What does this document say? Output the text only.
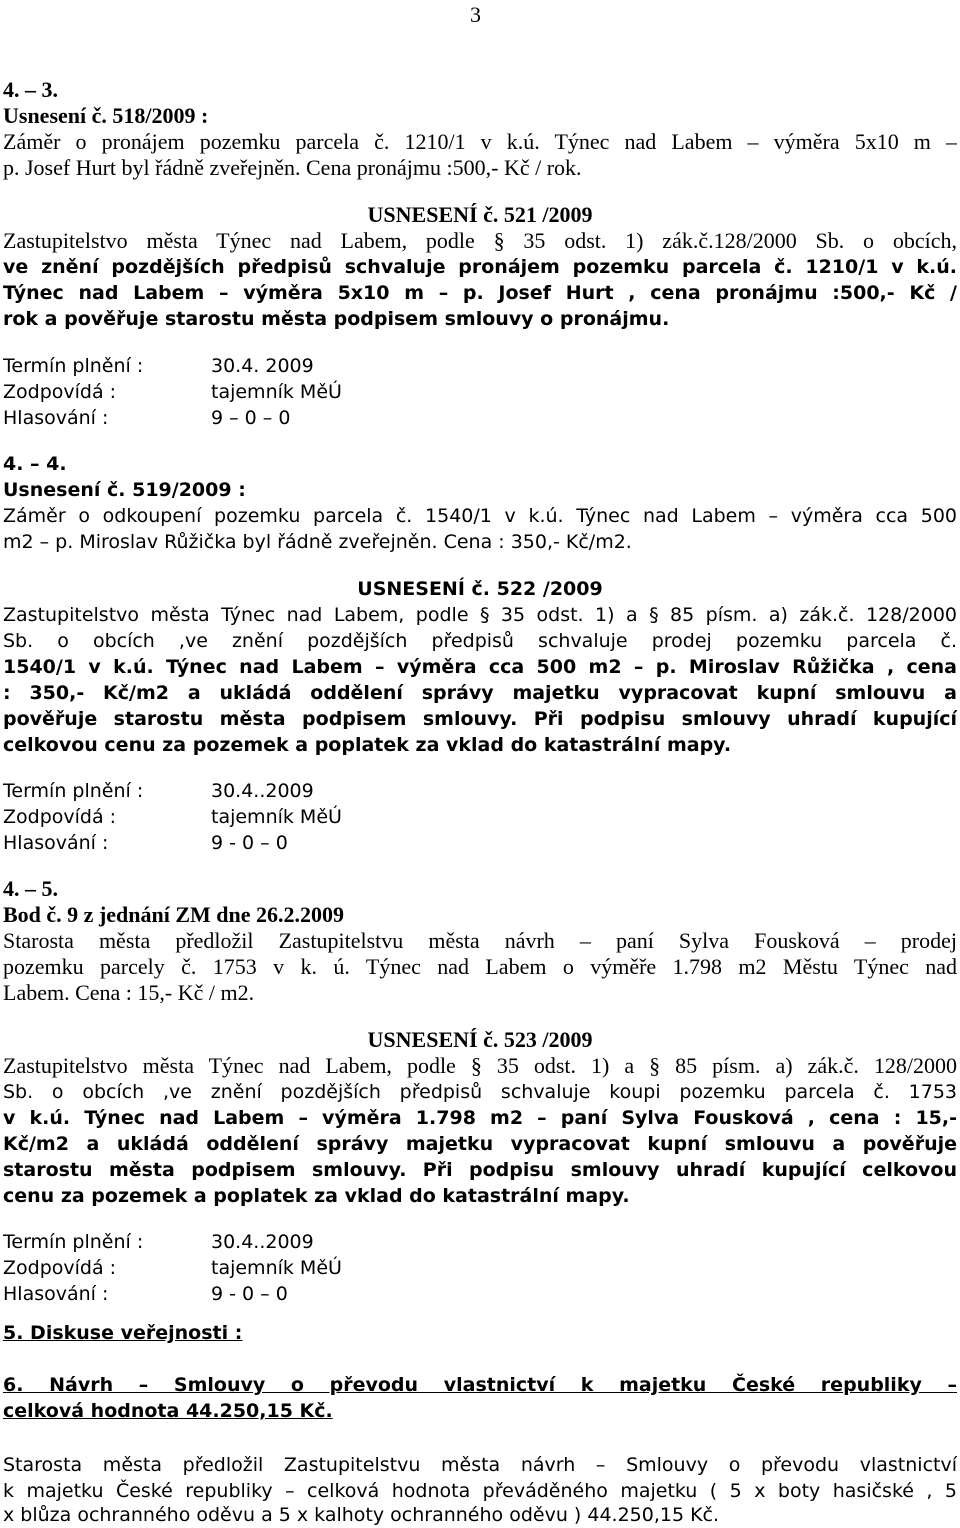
3
4. – 3.
Usnesení č. 518/2009 :
Záměr o pronájem pozemku parcela č. 1210/1 v k.ú. Týnec nad Labem – výměra 5x10 m –
p. Josef Hurt byl řádně zveřejněn. Cena pronájmu :500,- Kč / rok.
USNESENÍ č. 521 /2009
Zastupitelstvo města Týnec nad Labem, podle § 35 odst. 1) zák.č.128/2000 Sb. o obcích,
ve znění pozdějších předpisů schvaluje pronájem pozemku parcela č. 1210/1 v k.ú.
Týnec nad Labem – výměra 5x10 m – p. Josef Hurt , cena pronájmu :500,- Kč /
rok a pověřuje starostu města podpisem smlouvy o pronájmu.
Termín plnění :	30.4. 2009
Zodpovídá :	tajemník MěÚ
Hlasování :	9 – 0 – 0
4. – 4.
Usnesení č. 519/2009 :
Záměr o odkoupení pozemku parcela č. 1540/1 v k.ú. Týnec nad Labem – výměra cca 500
m2 – p. Miroslav Růžička byl řádně zveřejněn. Cena : 350,- Kč/m2.
USNESENÍ č. 522 /2009
Zastupitelstvo města Týnec nad Labem, podle § 35 odst. 1) a § 85 písm. a) zák.č. 128/2000
Sb. o obcích ,ve znění pozdějších předpisů schvaluje prodej pozemku parcela č.
1540/1 v k.ú. Týnec nad Labem – výměra cca 500 m2 – p. Miroslav Růžička , cena
: 350,- Kč/m2 a ukládá oddělení správy majetku vypracovat kupní smlouvu a
pověřuje starostu města podpisem smlouvy. Při podpisu smlouvy uhradí kupující
celkovou cenu za pozemek a poplatek za vklad do katastrální mapy.
Termín plnění :	30.4..2009
Zodpovídá :	tajemník MěÚ
Hlasování :	9 - 0 – 0
4. – 5.
Bod č. 9 z jednání ZM dne 26.2.2009
Starosta města předložil Zastupitelstvu města návrh – paní Sylva Fousková – prodej
pozemku parcely č. 1753 v k. ú. Týnec nad Labem o výměře 1.798 m2 Městu Týnec nad
Labem. Cena : 15,- Kč / m2.
USNESENÍ č. 523 /2009
Zastupitelstvo města Týnec nad Labem, podle § 35 odst. 1) a § 85 písm. a) zák.č. 128/2000
Sb. o obcích ,ve znění pozdějších předpisů schvaluje koupi pozemku parcela č. 1753
v k.ú. Týnec nad Labem – výměra 1.798 m2 – paní Sylva Fousková , cena : 15,-
Kč/m2 a ukládá oddělení správy majetku vypracovat kupní smlouvu a pověřuje
starostu města podpisem smlouvy. Při podpisu smlouvy uhradí kupující celkovou
cenu za pozemek a poplatek za vklad do katastrální mapy.
Termín plnění :	30.4..2009
Zodpovídá :	tajemník MěÚ
Hlasování :	9 - 0 – 0
5. Diskuse veřejnosti :
6. Návrh – Smlouvy o převodu vlastnictví k majetku České republiky –
celková hodnota 44.250,15 Kč.
Starosta města předložil Zastupitelstvu města návrh – Smlouvy o převodu vlastnictví
k majetku České republiky – celková hodnota převáděného majetku ( 5 x boty hasičské , 5
x blůza ochranného oděvu a 5 x kalhoty ochranného oděvu ) 44.250,15 Kč.
